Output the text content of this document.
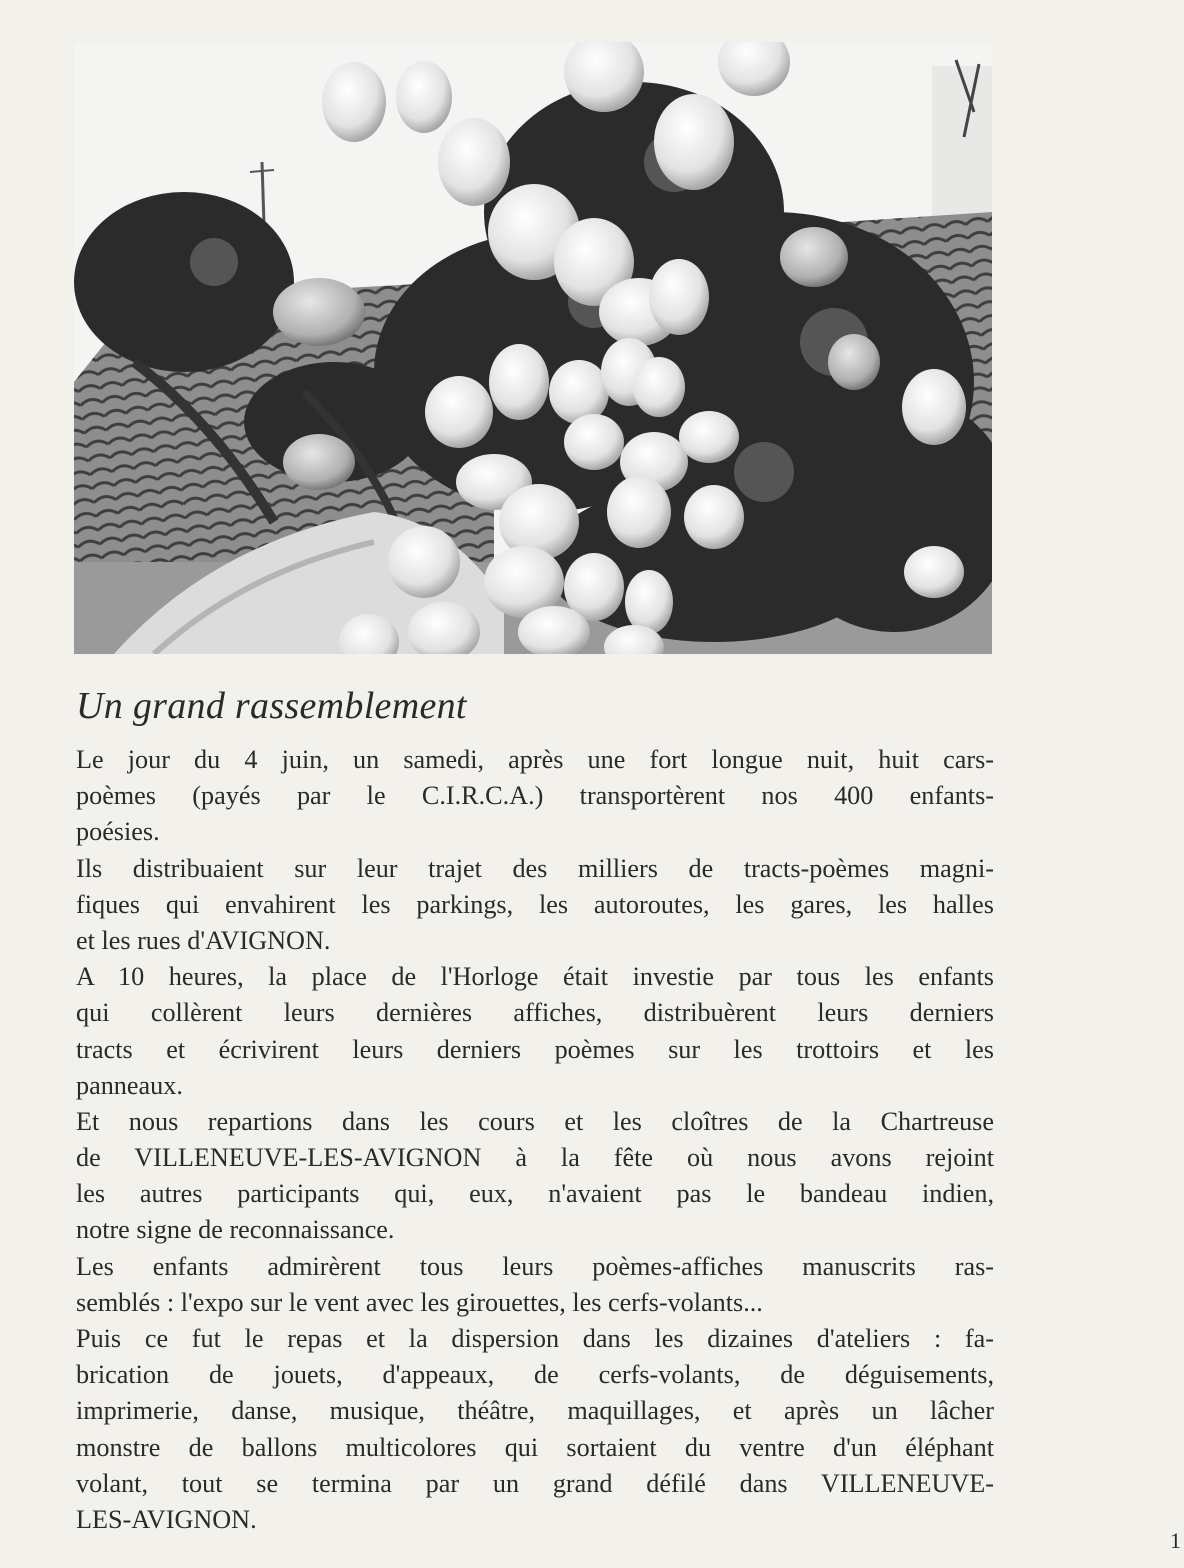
Un grand rassemblement
Le jour du 4 juin, un samedi, après une fort longue nuit, huit cars-
poèmes (payés par le C.I.R.C.A.) transportèrent nos 400 enfants-
poésies.
Ils distribuaient sur leur trajet des milliers de tracts-poèmes magni-
fiques qui envahirent les parkings, les autoroutes, les gares, les halles
et les rues d'AVIGNON.
A 10 heures, la place de l'Horloge était investie par tous les enfants
qui collèrent leurs dernières affiches, distribuèrent leurs derniers
tracts et écrivirent leurs derniers poèmes sur les trottoirs et les
panneaux.
Et nous repartions dans les cours et les cloîtres de la Chartreuse
de VILLENEUVE-LES-AVIGNON à la fête où nous avons rejoint
les autres participants qui, eux, n'avaient pas le bandeau indien,
notre signe de reconnaissance.
Les enfants admirèrent tous leurs poèmes-affiches manuscrits ras-
semblés : l'expo sur le vent avec les girouettes, les cerfs-volants...
Puis ce fut le repas et la dispersion dans les dizaines d'ateliers : fa-
brication de jouets, d'appeaux, de cerfs-volants, de déguisements,
imprimerie, danse, musique, théâtre, maquillages, et après un lâcher
monstre de ballons multicolores qui sortaient du ventre d'un éléphant
volant, tout se termina par un grand défilé dans VILLENEUVE-
LES-AVIGNON.
1
